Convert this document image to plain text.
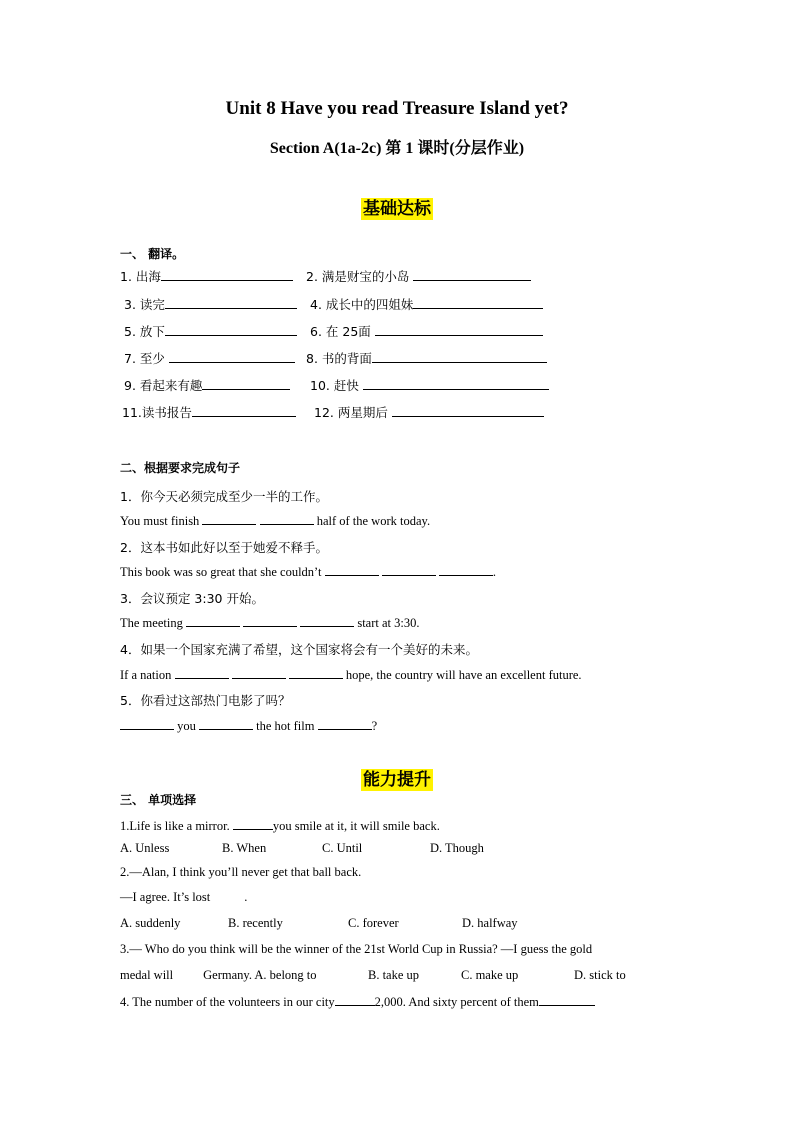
Unit 8 Have you read Treasure Island yet?
Section A(1a-2c) 第 1 课时(分层作业)
基础达标
一、 翻译。
1. 出海	2. 满是财宝的小岛
3. 读完	4. 成长中的四姐妹
5. 放下	6. 在 25面
7. 至少	8. 书的背面
9. 看起来有趣	10. 赶快
11.读书报告	12. 两星期后
二、根据要求完成句子
1．你今天必须完成至少一半的工作。
You must finish	half of the work today.
2．这本书如此好以至于她爱不释手。
This book was so great that she couldn’t	.
3．会议预定 3:30 开始。
The meeting	start at 3:30.
4．如果一个国家充满了希望，这个国家将会有一个美好的未来。
If a nation	hope, the country will have an excellent future.
5．你看过这部热门电影了吗？
you	the hot film	?
能力提升
三、 单项选择
1.Life is like a mirror.	you smile at it, it will smile back.
A. Unless	B. When	C. Until	D. Though
2.—Alan, I think you’ll never get that ball back.
—I agree. It’s lost	.
A. suddenly	B. recently	C. forever	D. halfway
3.— Who do you think will be the winner of the 21st World Cup in Russia? —I guess the gold
medal will Germany. A. belong to	B. take up	C. make up	D. stick to
4. The number of the volunteers in our city	2,000. And sixty percent of them
